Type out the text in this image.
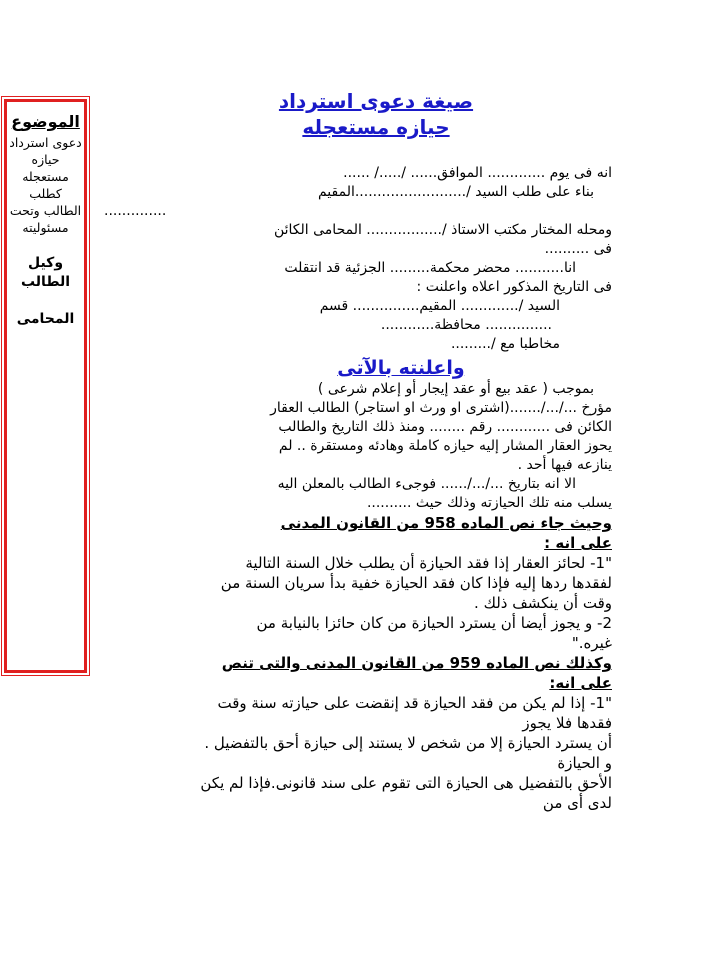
الموضوع
دعوى استرداد حيازه مستعجله كطلب الطالب وتحت مسئوليته
وكيل الطالب
المحامى
صيغة دعوى استرداد
حيازه مستعجله

انه فى يوم ............. الموافق...... /...../ ......

بناء على طلب السيد /.........................المقيم

..............

ومحله المختار مكتب الاستاذ /................. المحامى الكائن

فى ..........

انا........... محضر محكمة......... الجزئية قد انتقلت

فى التاريخ المذكور اعلاه واعلنت :

السيد /............. المقيم............... قسم

............... محافظة............

مخاطبا مع /.........

واعلنته بالآتى

بموجب ( عقد بيع أو عقد إيجار أو إعلام شرعى )

مؤرخ .../.../.......(اشترى او ورث او استاجر) الطالب العقار

الكائن فى ............ رقم ........ ومنذ ذلك التاريخ والطالب

يحوز العقار المشار إليه حيازه كاملة وهادئه ومستقرة .. لم

ينازعه فيها أحد .

الا انه بتاريخ .../.../...... فوجىء الطالب بالمعلن اليه

يسلب منه تلك الحيازته وذلك حيث ..........

وحيث جاء نص الماده 958 من القانون المدنى

على انه :

"1- لحائز العقار إذا فقد الحيازة أن يطلب خلال السنة التالية

لفقدها ردها إليه فإذا كان فقد الحيازة خفية بدأ سريان السنة من

وقت أن ينكشف ذلك .

2- و يجوز أيضا أن يسترد الحيازة من كان حائزا بالنيابة من

غيره."

وكذلك نص الماده 959 من القانون المدنى والتى تنص

على انه:

"1- إذا لم يكن من فقد الحيازة قد إنقضت على حيازته سنة وقت

فقدها فلا يجوز

أن يسترد الحيازة إلا من شخص لا يستند إلى حيازة أحق بالتفضيل .

و الحيازة

الأحق بالتفضيل هى الحيازة التى تقوم على سند قانونى.فإذا لم يكن

لدى أى من
